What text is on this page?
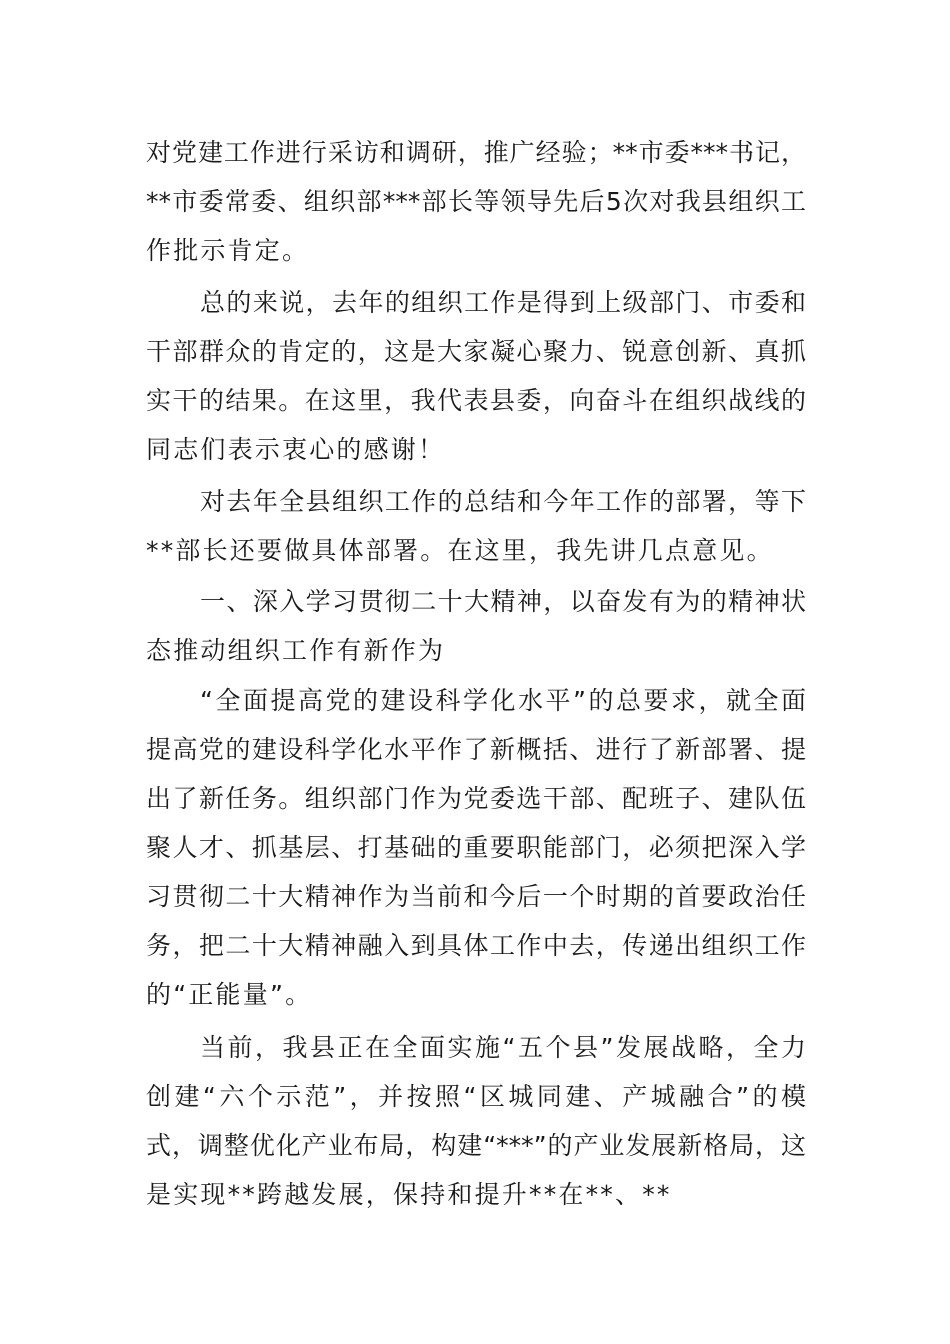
对党建工作进行采访和调研，推广经验；**市委***书记，
**市委常委、组织部***部长等领导先后5次对我县组织工
作批示肯定。
总的来说，去年的组织工作是得到上级部门、市委和
干部群众的肯定的，这是大家凝心聚力、锐意创新、真抓
实干的结果。在这里，我代表县委，向奋斗在组织战线的
同志们表示衷心的感谢！
对去年全县组织工作的总结和今年工作的部署，等下
**部长还要做具体部署。在这里，我先讲几点意见。
一、深入学习贯彻二十大精神，以奋发有为的精神状
态推动组织工作有新作为
“全面提高党的建设科学化水平”的总要求，就全面
提高党的建设科学化水平作了新概括、进行了新部署、提
出了新任务。组织部门作为党委选干部、配班子、建队伍
聚人才、抓基层、打基础的重要职能部门，必须把深入学
习贯彻二十大精神作为当前和今后一个时期的首要政治任
务，把二十大精神融入到具体工作中去，传递出组织工作
的“正能量”。
当前，我县正在全面实施“五个县”发展战略，全力
创建“六个示范”，并按照“区城同建、产城融合”的模
式，调整优化产业布局，构建“***”的产业发展新格局，这
是实现**跨越发展，保持和提升**在**、**
